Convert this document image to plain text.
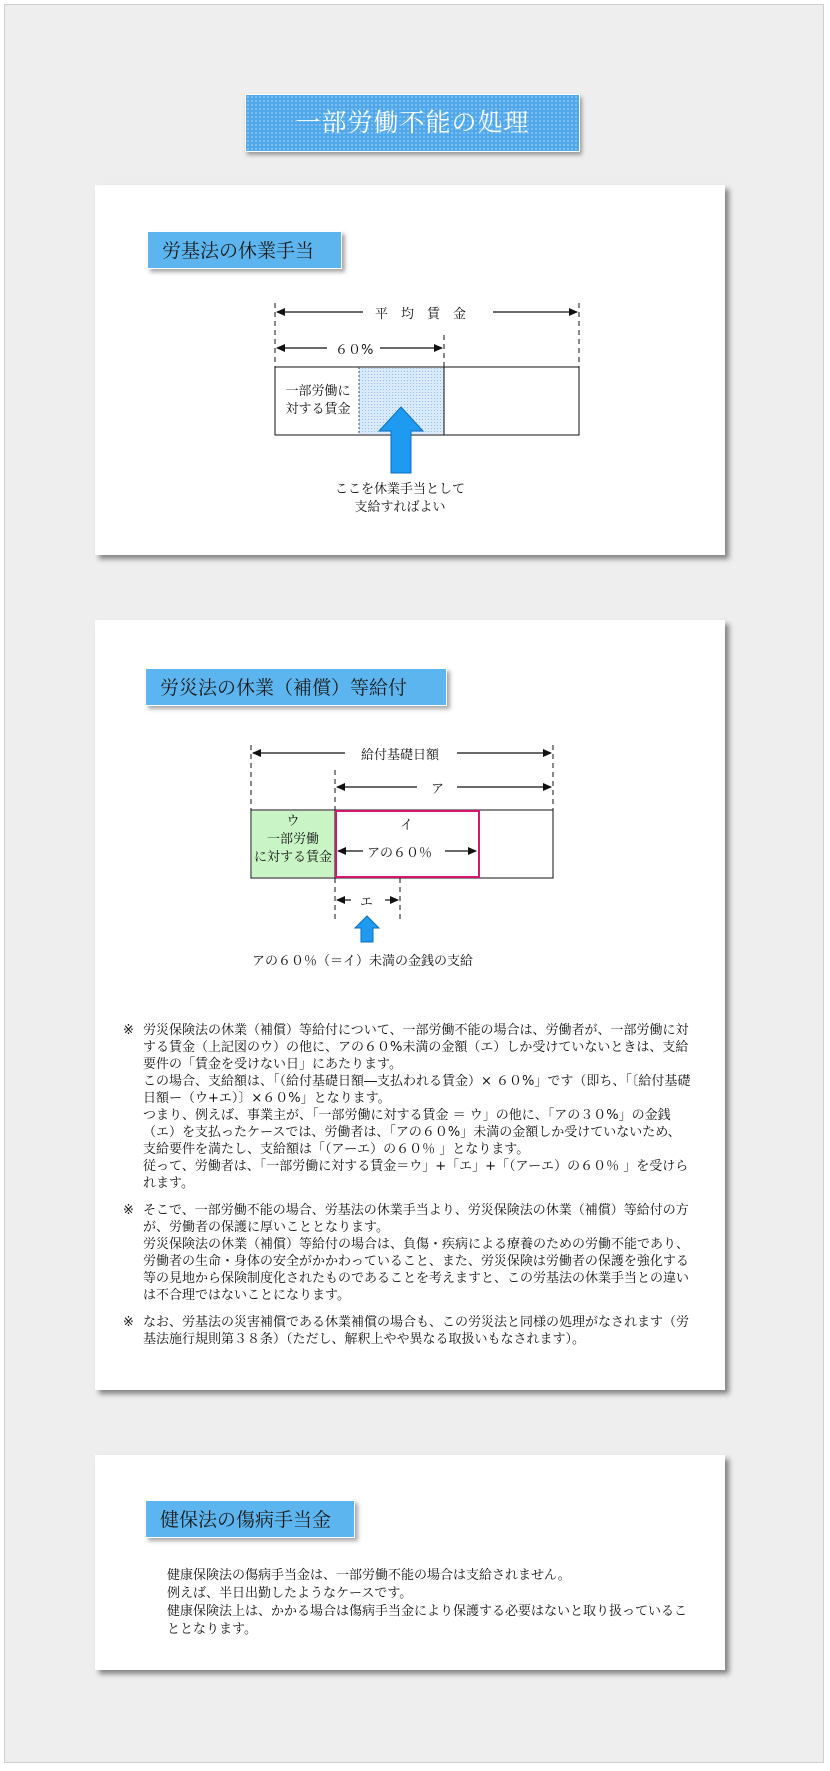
一部労働不能の処理
労基法の休業手当
平　均　賃　金
６０%
一部労働に
対する賃金
ここを休業手当として
支給すればよい
労災法の休業（補償）等給付
給付基礎日額
ア
ウ
一部労働
に対する賃金
イ
アの６０％
エ
アの６０％（＝イ）未満の金銭の支給
※ 労災保険法の休業（補償）等給付について、一部労働不能の場合は、労働者が、一部労働に対する賃金（上記図のウ）の他に、アの６０%未満の金額（エ）しか受けていないときは、支給要件の「賃金を受けない日」にあたります。

この場合、支給額は、「（給付基礎日額―支払われる賃金）× ６０%」です（即ち、「〔給付基礎日額ー（ウ+エ）〕×６０%」となります。

つまり、例えば、事業主が、「一部労働に対する賃金 ＝ ウ」の他に、「アの３０%」の金銭（エ）を支払ったケースでは、労働者は、「アの６０%」未満の金額しか受けていないため、支給要件を満たし、支給額は「（アーエ）の６０％ 」となります。

従って、労働者は、「一部労働に対する賃金＝ウ」+「エ」+「（アーエ）の６０％ 」を受けられます。

※ そこで、一部労働不能の場合、労基法の休業手当より、労災保険法の休業（補償）等給付の方が、労働者の保護に厚いこととなります。

労災保険法の休業（補償）等給付の場合は、負傷・疾病による療養のための労働不能であり、労働者の生命・身体の安全がかかわっていること、また、労災保険は労働者の保護を強化する等の見地から保険制度化されたものであることを考えますと、この労基法の休業手当との違いは不合理ではないことになります。

※ なお、労基法の災害補償である休業補償の場合も、この労災法と同様の処理がなされます（労基法施行規則第３８条）（ただし、解釈上やや異なる取扱いもなされます）。

健保法の傷病手当金

健康保険法の傷病手当金は、一部労働不能の場合は支給されません。

例えば、半日出勤したようなケースです。

健康保険法上は、かかる場合は傷病手当金により保護する必要はないと取り扱っていることとなります。
